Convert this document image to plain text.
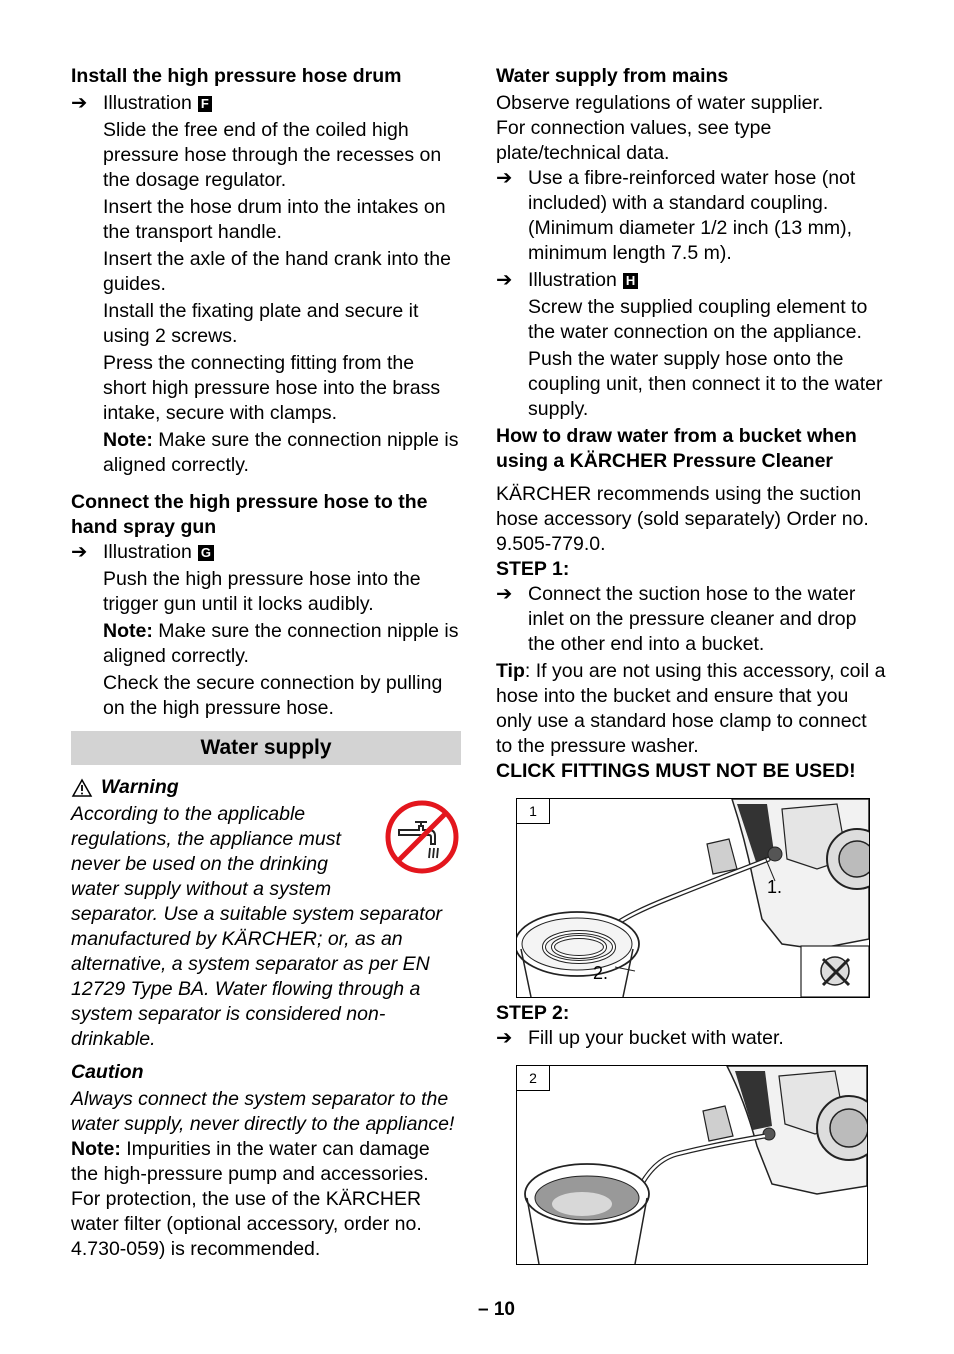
Install the high pressure hose drum
➔ Illustration F

Slide the free end of the coiled high pressure hose through the recesses on the dosage regulator.

Insert the hose drum into the intakes on the transport handle.

Insert the axle of the hand crank into the guides.

Install the fixating plate and secure it using 2 screws.

Press the connecting fitting from the short high pressure hose into the brass intake, secure with clamps.

Note: Make sure the connection nipple is aligned correctly.

Connect the high pressure hose to the hand spray gun
➔ Illustration G

Push the high pressure hose into the trigger gun until it locks audibly.

Note: Make sure the connection nipple is aligned correctly.

Check the secure connection by pulling on the high pressure hose.

Water supply
Warning

According to the applicable regulations, the appliance must never be used on the drinking water supply without a system separator. Use a suitable system separator manufactured by KÄRCHER; or, as an alternative, a system separator as per EN 12729 Type BA. Water flowing through a system separator is considered non-drinkable.

Caution

Always connect the system separator to the water supply, never directly to the appliance!

Note: Impurities in the water can damage the high-pressure pump and accessories. For protection, the use of the KÄRCHER water filter (optional accessory, order no. 4.730-059) is recommended.

Water supply from mains

Observe regulations of water supplier.

For connection values, see type plate/technical data.

➔ Use a fibre-reinforced water hose (not included) with a standard coupling. (Minimum diameter 1/2 inch (13 mm), minimum length 7.5 m).
➔ Illustration H

Screw the supplied coupling element to the water connection on the appliance.

Push the water supply hose onto the coupling unit, then connect it to the water supply.

How to draw water from a bucket when using a KÄRCHER Pressure Cleaner

KÄRCHER recommends using the suction hose accessory (sold separately) Order no. 9.505-779.0.

STEP 1:

➔ Connect the suction hose to the water inlet on the pressure cleaner and drop the other end into a bucket.

Tip: If you are not using this accessory, coil a hose into the bucket and ensure that you only use a standard hose clamp to connect to the pressure washer.

CLICK FITTINGS MUST NOT BE USED!

1
1.
2.

STEP 2:

➔ Fill up your bucket with water.
2
– 10
